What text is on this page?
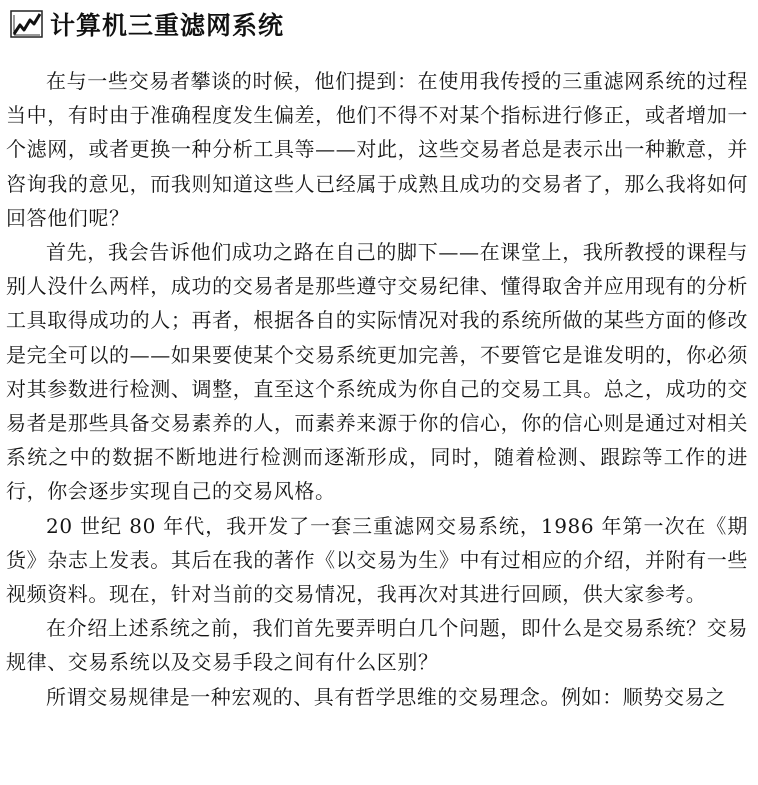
计算机三重滤网系统

在与一些交易者攀谈的时候，他们提到：在使用我传授的三重滤网系统的过程当中，有时由于准确程度发生偏差，他们不得不对某个指标进行修正，或者增加一个滤网，或者更换一种分析工具等——对此，这些交易者总是表示出一种歉意，并咨询我的意见，而我则知道这些人已经属于成熟且成功的交易者了，那么我将如何回答他们呢？

首先，我会告诉他们成功之路在自己的脚下——在课堂上，我所教授的课程与别人没什么两样，成功的交易者是那些遵守交易纪律、懂得取舍并应用现有的分析工具取得成功的人；再者，根据各自的实际情况对我的系统所做的某些方面的修改是完全可以的——如果要使某个交易系统更加完善，不要管它是谁发明的，你必须对其参数进行检测、调整，直至这个系统成为你自己的交易工具。总之，成功的交易者是那些具备交易素养的人，而素养来源于你的信心，你的信心则是通过对相关系统之中的数据不断地进行检测而逐渐形成，同时，随着检测、跟踪等工作的进行，你会逐步实现自己的交易风格。

20 世纪 80 年代，我开发了一套三重滤网交易系统，1986 年第一次在《期货》杂志上发表。其后在我的著作《以交易为生》中有过相应的介绍，并附有一些视频资料。现在，针对当前的交易情况，我再次对其进行回顾，供大家参考。

在介绍上述系统之前，我们首先要弄明白几个问题，即什么是交易系统？交易规律、交易系统以及交易手段之间有什么区别？

所谓交易规律是一种宏观的、具有哲学思维的交易理念。例如：顺势交易之
